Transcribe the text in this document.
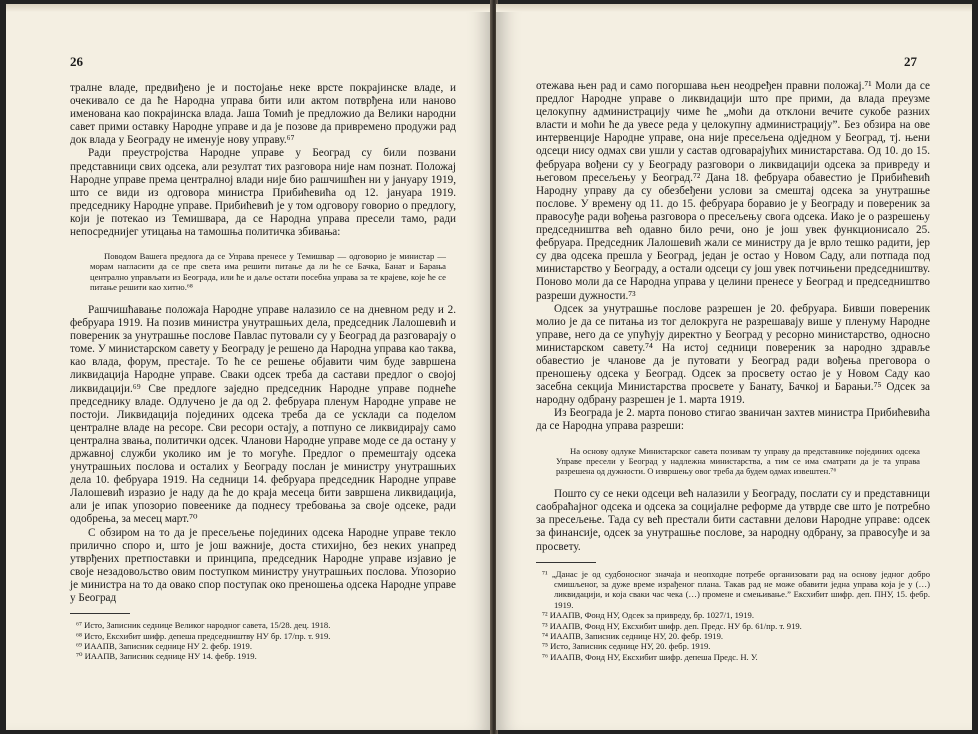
26

тралне владе, предвиђено је и постојање неке врсте покрајинске владе, и очекивало се да ће Народна управа бити или актом потврђена или наново именована као покрајинска влада. Јаша Томић је предложио да Велики народни савет прими оставку Народне управе и да је позове да привремено продужи рад док влада у Београду не именује нову управу.⁶⁷

Ради преустројства Народне управе у Београд су били позвани представници свих одсека, али резултат тих разговора није нам познат. Положај Народне управе према централној влади није био рашчишћен ни у јануару 1919, што се види из одговора министра Прибићевића од 12. јануара 1919. председнику Народне управе. Прибићевић је у том одговору говорио о предлогу, који је потекао из Темишвара, да се Народна управа пресели тамо, ради непосреднијег утицања на тамошња политичка збивања:

Поводом Вашега предлога да се Управа пренесе у Темишвар — одговорио је министар — морам нагласити да се пре света има решити питање да ли ће се Бачка, Банат и Барања централно управљати из Београда, или ће и даље остати посебна управа за те крајеве, које ће се питање решити као хитно.⁶⁸

Рашчишћавање положаја Народне управе налазило се на дневном реду и 2. фебруара 1919. На позив министра унутрашњих дела, председник Лалошевић и повереник за унутрашње послове Павлас путовали су у Београд да разговарају о томе. У министарском савету у Београду је решено да Народна управа као таква, као влада, форум, престаје. То ће се решење објавити чим буде завршена ликвидација Народне управе. Сваки одсек треба да састави предлог о својој ликвидацији.⁶⁹ Све предлоге заједно председник Народне управе поднеће председнику владе. Одлучено је да од 2. фебруара пленум Народне управе не постоји. Ликвидација појединих одсека треба да се усклади са поделом централне владе на ресоре. Сви ресори остају, а потпуно се ликвидирају само централна звања, политички одсек. Чланови Народне управе моде се да остану у државној служби уколико им је то могуће. Предлог о премештају одсека унутрашњих послова и осталих у Београду послан је министру унутрашњих дела 10. фебруара 1919. На седници 14. фебруара председник Народне управе Лалошевић изразио је наду да ће до краја месеца бити завршена ликвидација, али је ипак упозорио повеенике да поднесу требовања за своје одсеке, ради одобрења, за месец март.⁷⁰

С обзиром на то да је пресељење појединих одсека Народне управе текло прилично споро и, што је још важније, доста стихијно, без неких унапред утврђених претпоставки и принципа, председник Народне управе изјавио је своје незадовољство овим поступком министру унутрашњих послова. Упозорио је министра на то да овако спор поступак око преношења одсека Народне управе у Београд

⁶⁷ Исто, Записник седнице Великог народног савета, 15/28. дец. 1918.

⁶⁸ Исто, Ексхибит шифр. депеша председништву НУ бр. 17/пр. т. 919.

⁶⁹ ИААПВ, Записник седнице НУ 2. фебр. 1919.

⁷⁰ ИААПВ, Записник седнице НУ 14. фебр. 1919.

27

отежава њен рад и само погоршава њен неодређен правни положај.⁷¹ Моли да се предлог Народне управе о ликвидацији што пре прими, да влада преузме целокупну администрацију чиме ће „моћи да отклони вечите сукобе разних власти и моћи ће да увесе реда у целокупну администрацију”. Без обзира на ове интервенције Народне управе, она није пресељена одједном у Београд, тј. њени одсеци нису одмах сви ушли у састав одговарајућих министарстава. Од 10. до 15. фебруара вођени су у Београду разговори о ликвидацији одсека за привреду и његовом пресељењу у Београд.⁷² Дана 18. фебруара обавестио је Прибићевић Народну управу да су обезбеђени услови за смештај одсека за унутрашње послове. У времену од 11. до 15. фебруара боравио је у Београду и повереник за правосуђе ради вођења разговора о пресељењу свога одсека. Иако је о разрешењу председништва већ одавно било речи, оно је још увек функционисало 25. фебруара. Председник Лалошевић жали се министру да је врло тешко радити, јер су два одсека прешла у Београд, један је остао у Новом Саду, али потпада под министарство у Београду, а остали одсеци су још увек потчињени председништву. Поново моли да се Народна управа у целини пренесе у Београд и председништво разреши дужности.⁷³

Одсек за унутрашње послове разрешен је 20. фебруара. Бивши повереник молио је да се питања из тог делокруга не разрешавају више у пленуму Народне управе, него да се упућују директно у Београд у ресорно министарство, односно министарском савету.⁷⁴ На истој седници повереник за народно здравље обавестио је чланове да је путовати у Београд ради вођења преговора о преношењу одсека у Београд. Одсек за просвету остао је у Новом Саду као засебна секција Министарства просвете у Банату, Бачкој и Барањи.⁷⁵ Одсек за народну одбрану разрешен је 1. марта 1919.

Из Београда је 2. марта поново стигао званичан захтев министра Прибићевића да се Народна управа разреши:

На основу одлуке Министарског савета позивам ту управу да представнике појединих одсека Управе пресели у Београд у надлежна министарства, а тим се има сматрати да је та управа разрешена од дужности. О извршењу овог треба да будем одмах извештен.⁷⁶

Пошто су се неки одсеци већ налазили у Београду, послати су и представници саобраћајног одсека и одсека за социјалне реформе да утврде све што је потребно за пресељење. Тада су већ престали бити саставни делови Народне управе: одсек за финансије, одсек за унутрашње послове, за народну одбрану, за правосуђе и за просвету.

⁷¹ „Данас је од судбоносног значаја и неопходне потребе организовати рад на основу једног добро смишљеног, за дуже време израђеног плана. Такав рад не може обавити једна управа која је у (…) ликвидацији, и која сваки час чека (…) промене и смењивање.” Ексхибит шифр. деп. ПНУ, 15. фебр. 1919.

⁷² ИААПВ, Фонд НУ, Одсек за привреду, бр. 1027/1, 1919.

⁷³ ИААПВ, Фонд НУ, Ексхибит шифр. деп. Предс. НУ бр. 61/пр. т. 919.

⁷⁴ ИААПВ, Записник седнице НУ, 20. фебр. 1919.

⁷⁵ Исто, Записник седнице НУ, 20. фебр. 1919.

⁷⁶ ИААПВ, Фонд НУ, Ексхибит шифр. депеша Предс. Н. У.
